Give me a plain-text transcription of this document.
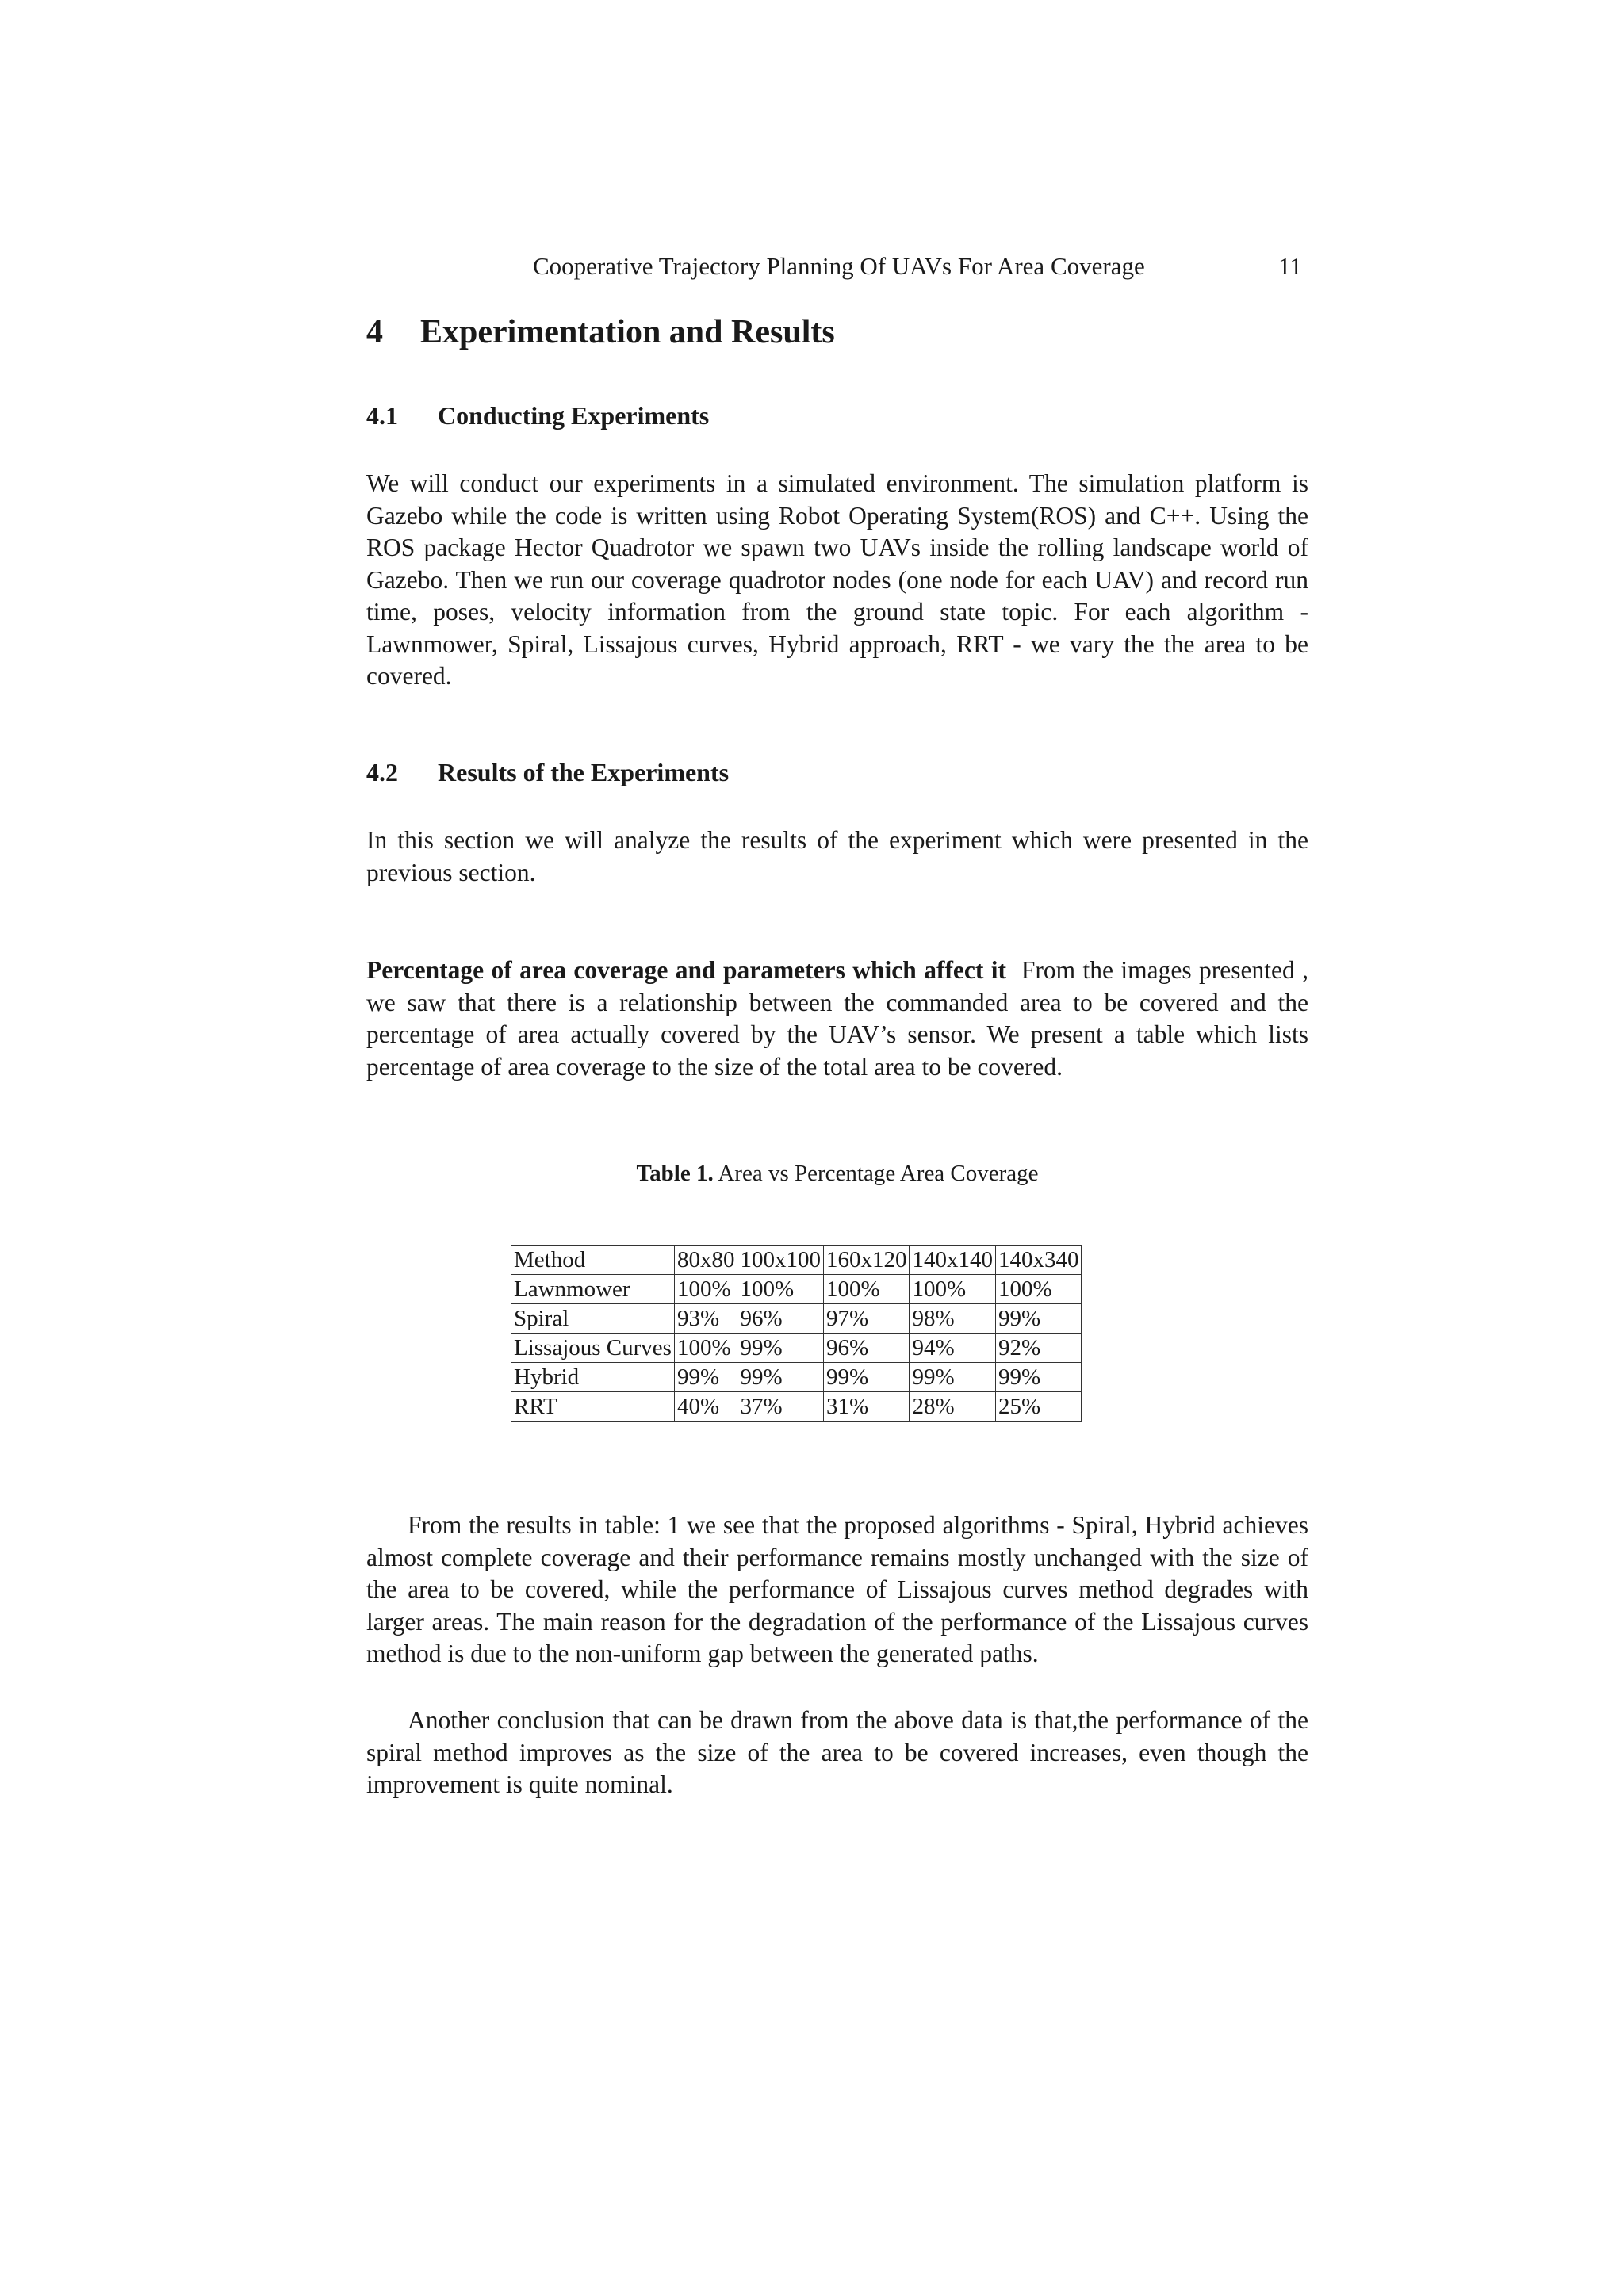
Cooperative Trajectory Planning Of UAVs For Area Coverage	11
4 Experimentation and Results
4.1 Conducting Experiments

We will conduct our experiments in a simulated environment. The simulation platform is Gazebo while the code is written using Robot Operating System(ROS) and C++. Using the ROS package Hector Quadrotor we spawn two UAVs inside the rolling landscape world of Gazebo. Then we run our coverage quadrotor nodes (one node for each UAV) and record run time, poses, velocity information from the ground state topic. For each algorithm - Lawnmower, Spiral, Lissajous curves, Hybrid approach, RRT - we vary the the area to be covered.

4.2 Results of the Experiments

In this section we will analyze the results of the experiment which were presented in the previous section.

Percentage of area coverage and parameters which affect it From the images presented , we saw that there is a relationship between the commanded area to be covered and the percentage of area actually covered by the UAV’s sensor. We present a table which lists percentage of area coverage to the size of the total area to be covered.

Table 1. Area vs Percentage Area Coverage

Method	80x80	100x100	160x120	140x140	140x340
Lawnmower	100%	100%	100%	100%	100%
Spiral	93%	96%	97%	98%	99%
Lissajous Curves	100%	99%	96%	94%	92%
Hybrid	99%	99%	99%	99%	99%
RRT	40%	37%	31%	28%	25%

From the results in table: 1 we see that the proposed algorithms - Spiral, Hybrid achieves almost complete coverage and their performance remains mostly unchanged with the size of the area to be covered, while the performance of Lissajous curves method degrades with larger areas. The main reason for the degradation of the performance of the Lissajous curves method is due to the non-uniform gap between the generated paths.

Another conclusion that can be drawn from the above data is that,the performance of the spiral method improves as the size of the area to be covered increases, even though the improvement is quite nominal.
